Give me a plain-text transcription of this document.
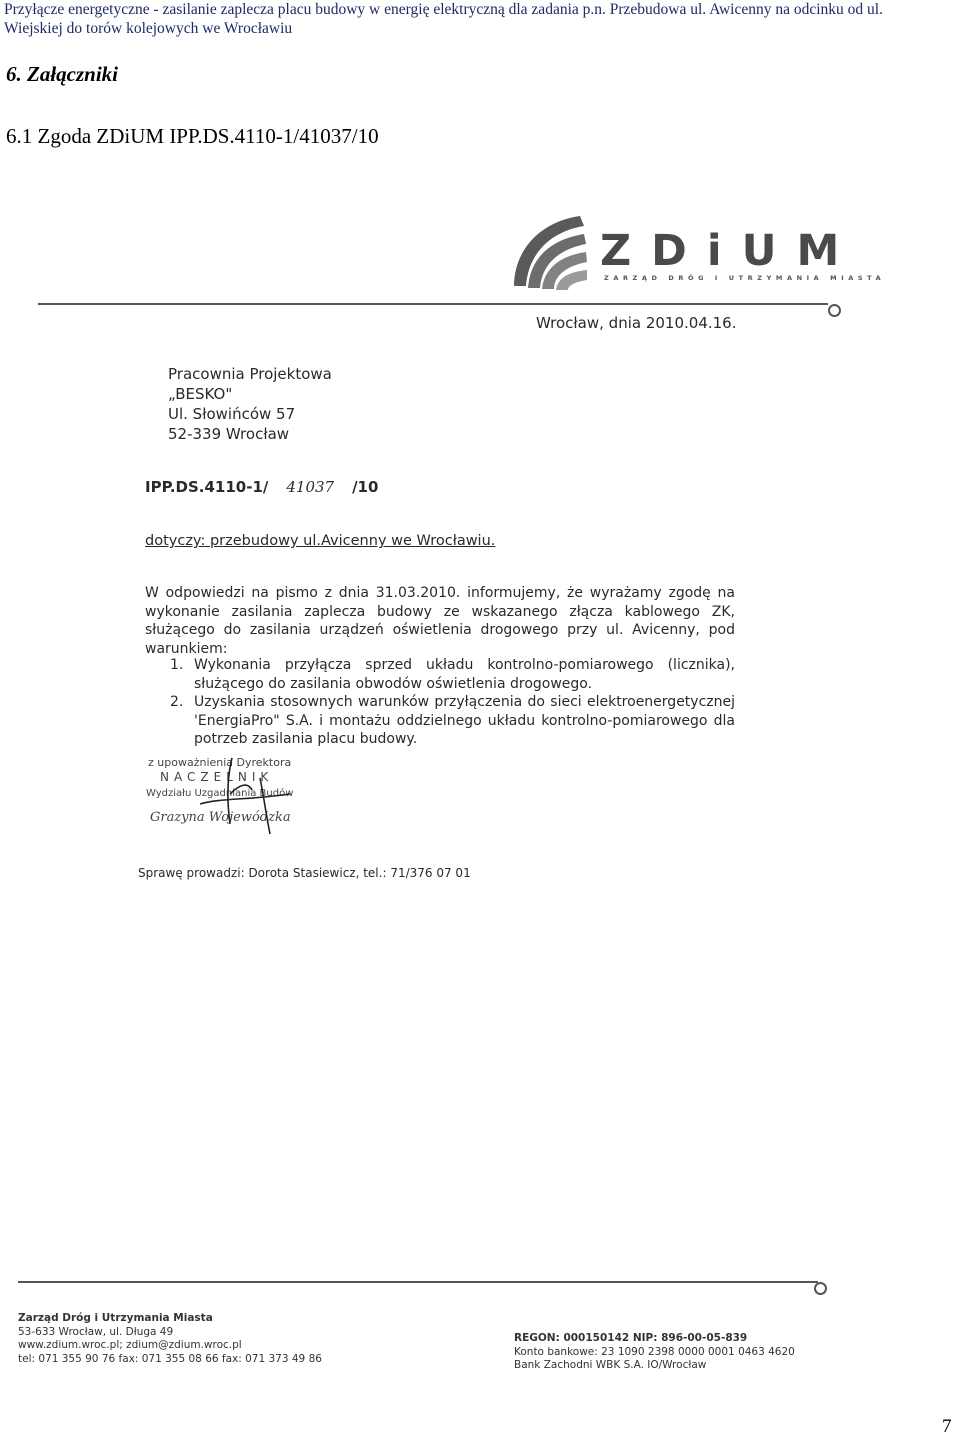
Przyłącze energetyczne - zasilanie zaplecza placu budowy w energię elektryczną dla zadania p.n. Przebudowa ul. Awicenny na odcinku od ul.
Wiejskiej do torów kolejowych we Wrocławiu
6. Załączniki
6.1 Zgoda ZDiUM IPP.DS.4110-1/41037/10
ZDiUM
ZARZĄD DRÓG I UTRZYMANIA MIASTA
Wrocław, dnia 2010.04.16.
Pracownia Projektowa
„BESKO"
Ul. Słowińców 57
52-339 Wrocław
IPP.DS.4110-1/ 41037 /10
dotyczy: przebudowy ul.Avicenny we Wrocławiu.
W odpowiedzi na pismo z dnia 31.03.2010. informujemy, że wyrażamy zgodę na wykonanie zasilania zaplecza budowy ze wskazanego złącza kablowego ZK, służącego do zasilania urządzeń oświetlenia drogowego przy ul. Avicenny, pod warunkiem:
1. Wykonania przyłącza sprzed układu kontrolno-pomiarowego (licznika), służącego do zasilania obwodów oświetlenia drogowego.
2. Uzyskania stosownych warunków przyłączenia do sieci elektroenergetycznej 'EnergiaPro" S.A. i montażu oddzielnego układu kontrolno-pomiarowego dla potrzeb zasilania placu budowy.
z upoważnienia Dyrektora
NACZELNIK
Wydziału Uzgadniania Budów
Grazyna Wojewódzka
Sprawę prowadzi: Dorota Stasiewicz, tel.: 71/376 07 01
Zarząd Dróg i Utrzymania Miasta
53-633 Wrocław, ul. Długa 49
www.zdium.wroc.pl; zdium@zdium.wroc.pl
tel: 071 355 90 76 fax: 071 355 08 66 fax: 071 373 49 86
REGON: 000150142 NIP: 896-00-05-839
Konto bankowe: 23 1090 2398 0000 0001 0463 4620
Bank Zachodni WBK S.A. IO/Wrocław
7
